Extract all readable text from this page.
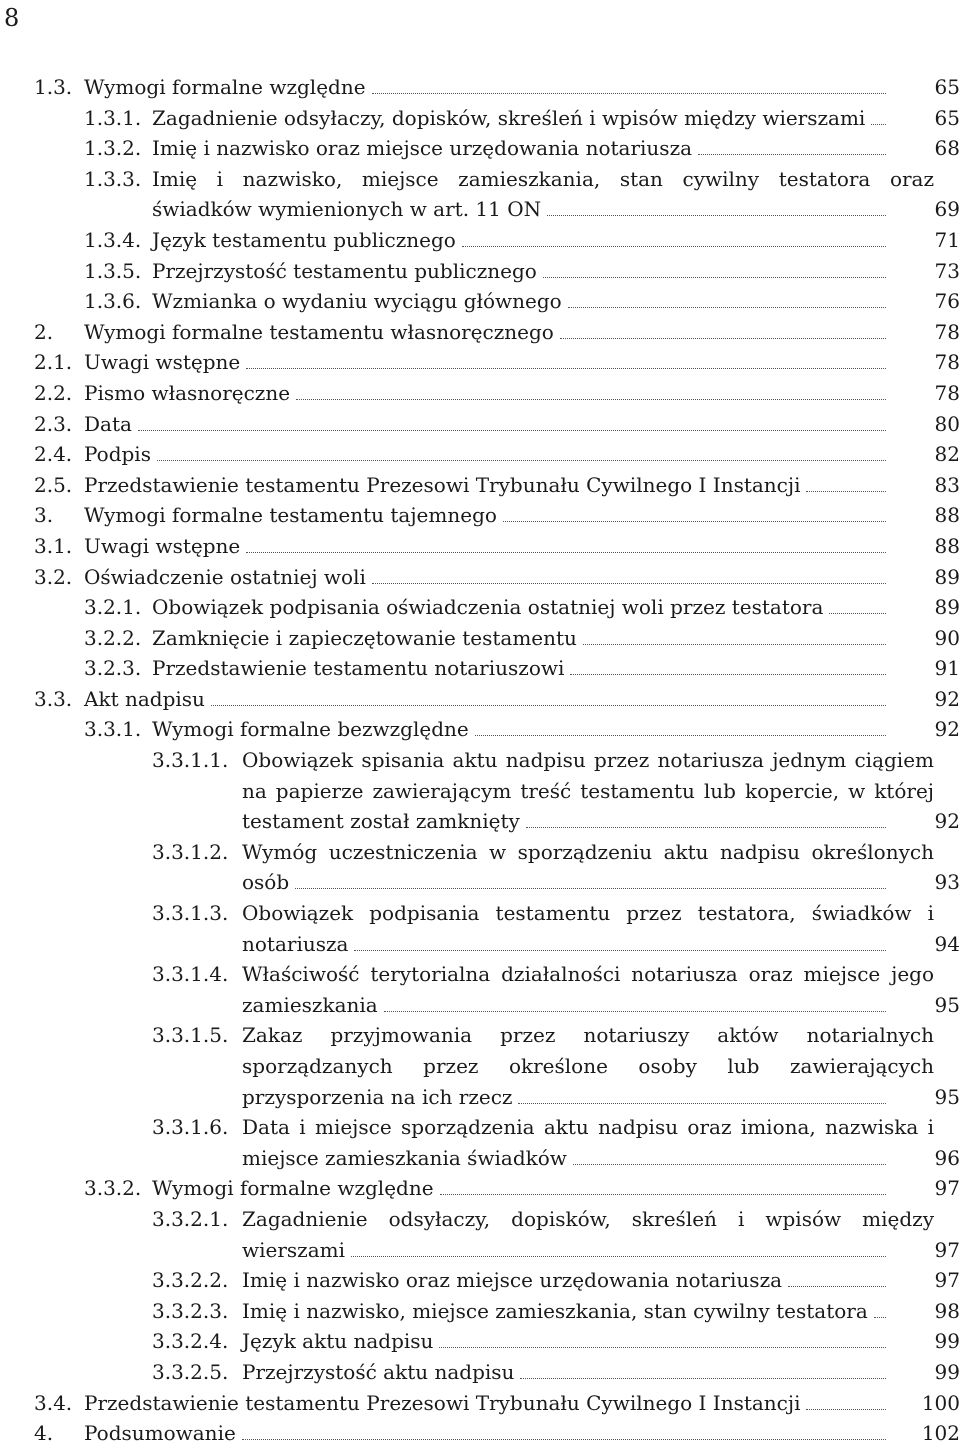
8
1.3. Wymogi formalne względne	65
1.3.1. Zagadnienie odsyłaczy, dopisków, skreśleń i wpisów między wierszami	65
1.3.2. Imię i nazwisko oraz miejsce urzędowania notariusza	68
1.3.3. Imię i nazwisko, miejsce zamieszkania, stan cywilny testatora oraz świadków wymienionych w art. 11 ON	69
1.3.4. Język testamentu publicznego	71
1.3.5. Przejrzystość testamentu publicznego	73
1.3.6. Wzmianka o wydaniu wyciągu głównego	76
2.	Wymogi formalne testamentu własnoręcznego	78
2.1. Uwagi wstępne	78
2.2. Pismo własnoręczne	78
2.3. Data	80
2.4. Podpis	82
2.5. Przedstawienie testamentu Prezesowi Trybunału Cywilnego I Instancji	83
3.	Wymogi formalne testamentu tajemnego	88
3.1. Uwagi wstępne	88
3.2. Oświadczenie ostatniej woli	89
3.2.1. Obowiązek podpisania oświadczenia ostatniej woli przez testatora	89
3.2.2. Zamknięcie i zapieczętowanie testamentu	90
3.2.3. Przedstawienie testamentu notariuszowi	91
3.3. Akt nadpisu	92
3.3.1. Wymogi formalne bezwzględne	92
3.3.1.1. Obowiązek spisania aktu nadpisu przez notariusza jednym ciągiem na papierze zawierającym treść testamentu lub kopercie, w której testament został zamknięty	92
3.3.1.2. Wymóg uczestniczenia w sporządzeniu aktu nadpisu określonych osób	93
3.3.1.3. Obowiązek podpisania testamentu przez testatora, świadków i notariusza	94
3.3.1.4. Właściwość terytorialna działalności notariusza oraz miejsce jego zamieszkania	95
3.3.1.5. Zakaz przyjmowania przez notariuszy aktów notarialnych sporządzanych przez określone osoby lub zawierających przysporzenia na ich rzecz	95
3.3.1.6. Data i miejsce sporządzenia aktu nadpisu oraz imiona, nazwiska i miejsce zamieszkania świadków	96
3.3.2. Wymogi formalne względne	97
3.3.2.1. Zagadnienie odsyłaczy, dopisków, skreśleń i wpisów między wierszami	97
3.3.2.2. Imię i nazwisko oraz miejsce urzędowania notariusza	97
3.3.2.3. Imię i nazwisko, miejsce zamieszkania, stan cywilny testatora	98
3.3.2.4. Język aktu nadpisu	99
3.3.2.5. Przejrzystość aktu nadpisu	99
3.4. Przedstawienie testamentu Prezesowi Trybunału Cywilnego I Instancji	100
4.	Podsumowanie	102
